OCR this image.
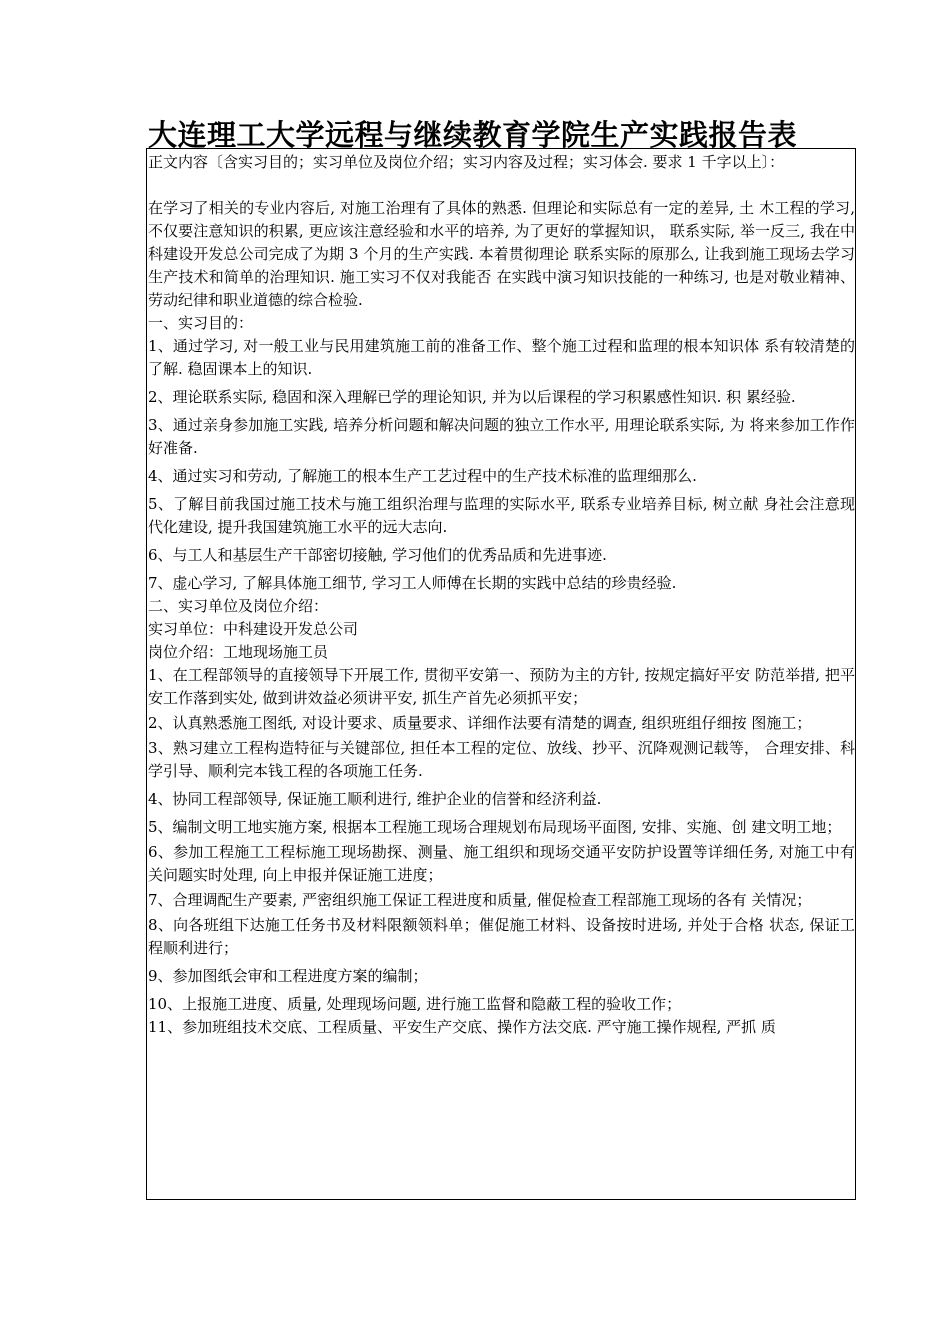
大连理工大学远程与继续教育学院生产实践报告表

正文内容〔含实习目的；实习单位及岗位介绍；实习内容及过程；实习体会. 要求 1 千字以上〕：

在学习了相关的专业内容后, 对施工治理有了具体的熟悉. 但理论和实际总有一定的差异, 土 木工程的学习, 不仅要注意知识的积累, 更应该注意经验和水平的培养, 为了更好的掌握知识， 联系实际, 举一反三, 我在中科建设开发总公司完成了为期 3 个月的生产实践. 本着贯彻理论 联系实际的原那么, 让我到施工现场去学习生产技术和简单的治理知识. 施工实习不仅对我能否 在实践中演习知识技能的一种练习, 也是对敬业精神、劳动纪律和职业道德的综合检验.

一、实习目的：

1、通过学习, 对一般工业与民用建筑施工前的准备工作、整个施工过程和监理的根本知识体 系有较清楚的了解. 稳固课本上的知识.

2、理论联系实际, 稳固和深入理解已学的理论知识, 并为以后课程的学习积累感性知识. 积 累经验.

3、通过亲身参加施工实践, 培养分析问题和解决问题的独立工作水平, 用理论联系实际, 为 将来参加工作作好准备.

4、通过实习和劳动, 了解施工的根本生产工艺过程中的生产技术标准的监理细那么.

5、了解目前我国过施工技术与施工组织治理与监理的实际水平, 联系专业培养目标, 树立献 身社会注意现代化建设, 提升我国建筑施工水平的远大志向.

6、与工人和基层生产干部密切接触, 学习他们的优秀品质和先进事迹.

7、虚心学习, 了解具体施工细节, 学习工人师傅在长期的实践中总结的珍贵经验.

二、实习单位及岗位介绍：

实习单位：中科建设开发总公司

岗位介绍：工地现场施工员

1、在工程部领导的直接领导下开展工作, 贯彻平安第一、预防为主的方针, 按规定搞好平安 防范举措, 把平安工作落到实处, 做到讲效益必须讲平安, 抓生产首先必须抓平安；

2、认真熟悉施工图纸, 对设计要求、质量要求、详细作法要有清楚的调查, 组织班组仔细按 图施工；

3、熟习建立工程构造特征与关键部位, 担任本工程的定位、放线、抄平、沉降观测记载等， 合理安排、科学引导、顺利完本钱工程的各项施工任务.

4、协同工程部领导, 保证施工顺利进行, 维护企业的信誉和经济利益.

5、编制文明工地实施方案, 根据本工程施工现场合理规划布局现场平面图, 安排、实施、创 建文明工地；

6、参加工程施工工程标施工现场勘探、测量、施工组织和现场交通平安防护设置等详细任务, 对施工中有关问题实时处理, 向上申报并保证施工进度；

7、合理调配生产要素, 严密组织施工保证工程进度和质量, 催促检查工程部施工现场的各有 关情况；

8、向各班组下达施工任务书及材料限额领料单；催促施工材料、设备按时进场, 并处于合格 状态, 保证工程顺利进行；

9、参加图纸会审和工程进度方案的编制；

10、上报施工进度、质量, 处理现场问题, 进行施工监督和隐蔽工程的验收工作；

11、参加班组技术交底、工程质量、平安生产交底、操作方法交底. 严守施工操作规程, 严抓 质
